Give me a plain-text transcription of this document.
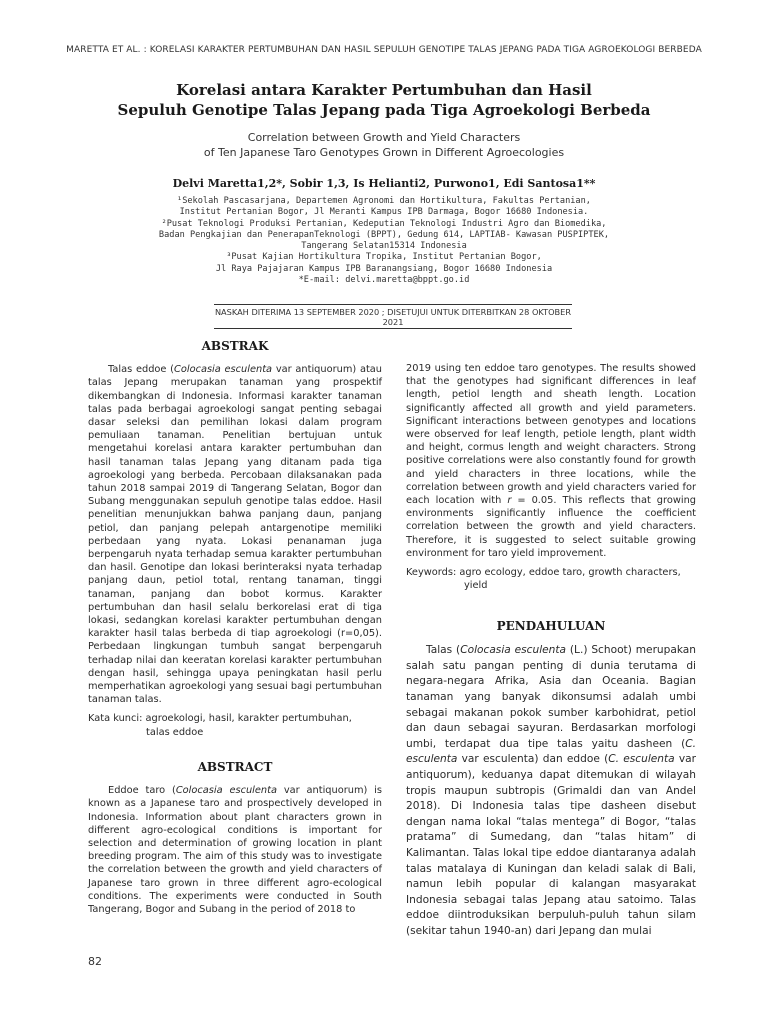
MARETTA ET AL. : KORELASI KARAKTER PERTUMBUHAN DAN HASIL SEPULUH GENOTIPE TALAS JEPANG PADA TIGA AGROEKOLOGI BERBEDA
Korelasi antara Karakter Pertumbuhan dan Hasil
Sepuluh Genotipe Talas Jepang pada Tiga Agroekologi Berbeda
Correlation between Growth and Yield Characters
of Ten Japanese Taro Genotypes Grown in Different Agroecologies
Delvi Maretta1,2*, Sobir 1,3, Is Helianti2, Purwono1, Edi Santosa1**
¹Sekolah Pascasarjana, Departemen Agronomi dan Hortikultura, Fakultas Pertanian,
Institut Pertanian Bogor, Jl Meranti Kampus IPB Darmaga, Bogor 16680 Indonesia.
²Pusat Teknologi Produksi Pertanian, Kedeputian Teknologi Industri Agro dan Biomedika,
Badan Pengkajian dan PenerapanTeknologi (BPPT), Gedung 614, LAPTIAB- Kawasan PUSPIPTEK,
Tangerang Selatan15314 Indonesia
³Pusat Kajian Hortikultura Tropika, Institut Pertanian Bogor,
Jl Raya Pajajaran Kampus IPB Baranangsiang, Bogor 16680 Indonesia
*E-mail: delvi.maretta@bppt.go.id
NASKAH DITERIMA 13 SEPTEMBER 2020 ; DISETUJUI UNTUK DITERBITKAN 28 OKTOBER 2021
ABSTRAK

Talas eddoe (Colocasia esculenta var antiquorum) atau talas Jepang merupakan tanaman yang prospektif dikembangkan di Indonesia. Informasi karakter tanaman talas pada berbagai agroekologi sangat penting sebagai dasar seleksi dan pemilihan lokasi dalam program pemuliaan tanaman. Penelitian bertujuan untuk mengetahui korelasi antara karakter pertumbuhan dan hasil tanaman talas Jepang yang ditanam pada tiga agroekologi yang berbeda. Percobaan dilaksanakan pada tahun 2018 sampai 2019 di Tangerang Selatan, Bogor dan Subang menggunakan sepuluh genotipe talas eddoe. Hasil penelitian menunjukkan bahwa panjang daun, panjang petiol, dan panjang pelepah antargenotipe memiliki perbedaan yang nyata. Lokasi penanaman juga berpengaruh nyata terhadap semua karakter pertumbuhan dan hasil. Genotipe dan lokasi berinteraksi nyata terhadap panjang daun, petiol total, rentang tanaman, tinggi tanaman, panjang dan bobot kormus. Karakter pertumbuhan dan hasil selalu berkorelasi erat di tiga lokasi, sedangkan korelasi karakter pertumbuhan dengan karakter hasil talas berbeda di tiap agroekologi (r=0,05). Perbedaan lingkungan tumbuh sangat berpengaruh terhadap nilai dan keeratan korelasi karakter pertumbuhan dengan hasil, sehingga upaya peningkatan hasil perlu memperhatikan agroekologi yang sesuai bagi pertumbuhan tanaman talas.

Kata kunci: agroekologi, hasil, karakter pertumbuhan,
talas eddoe
ABSTRACT

Eddoe taro (Colocasia esculenta var antiquorum) is known as a Japanese taro and prospectively developed in Indonesia. Information about plant characters grown in different agro-ecological conditions is important for selection and determination of growing location in plant breeding program. The aim of this study was to investigate the correlation between the growth and yield characters of Japanese taro grown in three different agro-ecological conditions. The experiments were conducted in South Tangerang, Bogor and Subang in the period of 2018 to

2019 using ten eddoe taro genotypes. The results showed that the genotypes had significant differences in leaf length, petiol length and sheath length. Location significantly affected all growth and yield parameters. Significant interactions between genotypes and locations were observed for leaf length, petiole length, plant width and height, cormus length and weight characters. Strong positive correlations were also constantly found for growth and yield characters in three locations, while the correlation between growth and yield characters varied for each location with r = 0.05. This reflects that growing environments significantly influence the coefficient correlation between the growth and yield characters. Therefore, it is suggested to select suitable growing environment for taro yield improvement.

Keywords: agro ecology, eddoe taro, growth characters,
yield
PENDAHULUAN

Talas (Colocasia esculenta (L.) Schoot) merupakan salah satu pangan penting di dunia terutama di negara-negara Afrika, Asia dan Oceania. Bagian tanaman yang banyak dikonsumsi adalah umbi sebagai makanan pokok sumber karbohidrat, petiol dan daun sebagai sayuran. Berdasarkan morfologi umbi, terdapat dua tipe talas yaitu dasheen (C. esculenta var esculenta) dan eddoe (C. esculenta var antiquorum), keduanya dapat ditemukan di wilayah tropis maupun subtropis (Grimaldi dan van Andel 2018). Di Indonesia talas tipe dasheen disebut dengan nama lokal “talas mentega” di Bogor, “talas pratama” di Sumedang, dan “talas hitam” di Kalimantan. Talas lokal tipe eddoe diantaranya adalah talas matalaya di Kuningan dan keladi salak di Bali, namun lebih popular di kalangan masyarakat Indonesia sebagai talas Jepang atau satoimo. Talas eddoe diintroduksikan berpuluh-puluh tahun silam (sekitar tahun 1940-an) dari Jepang dan mulai

82
